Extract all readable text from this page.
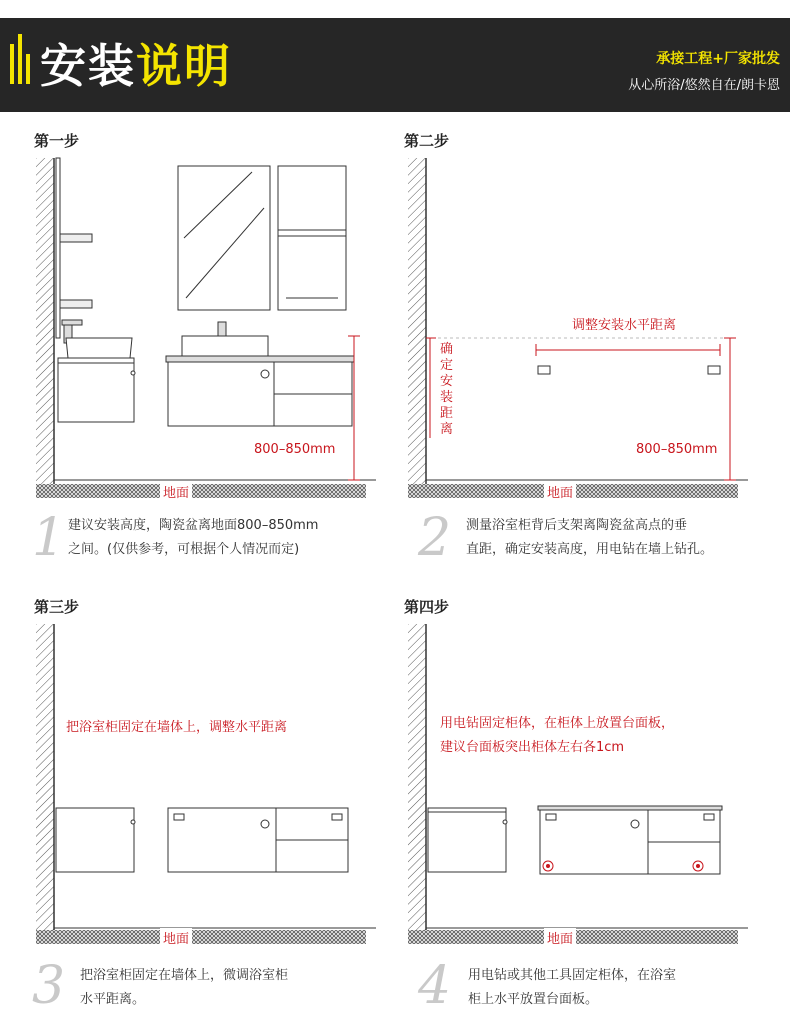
安装说明	承接工程+厂家批发
从心所浴/悠然自在/朗卡恩
第一步
800–850mm
地面
1 建议安装高度，陶瓷盆离地面800–850mm
之间。(仅供参考，可根据个人情况而定)
第二步
调整安装水平距离
确定安装距离
800–850mm
地面
2 测量浴室柜背后支架离陶瓷盆高点的垂
直距，确定安装高度，用电钻在墙上钻孔。
第三步
把浴室柜固定在墙体上，调整水平距离
地面
3 把浴室柜固定在墙体上，微调浴室柜
水平距离。
第四步
用电钻固定柜体，在柜体上放置台面板，
建议台面板突出柜体左右各1cm
地面
4 用电钻或其他工具固定柜体，在浴室
柜上水平放置台面板。
